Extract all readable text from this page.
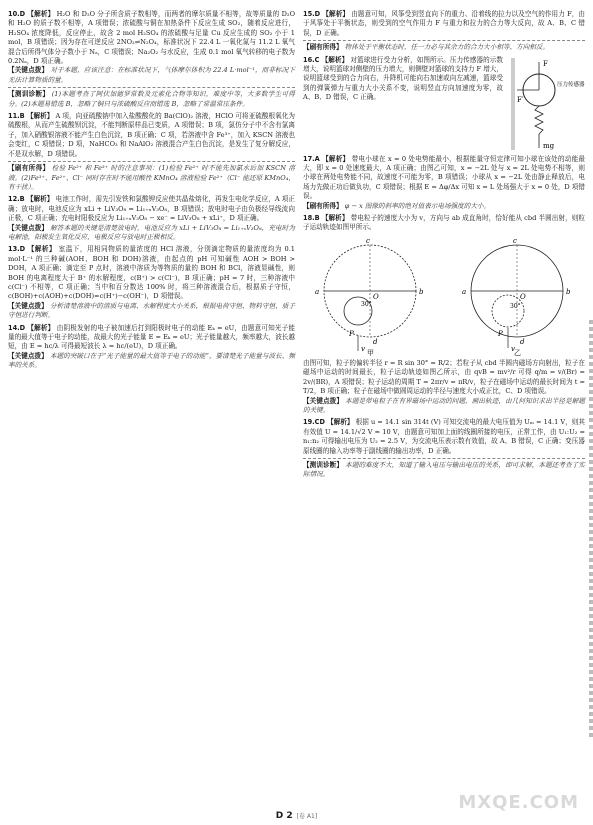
10.D 【解析】 H₂O 和 D₂O 分子所含质子数相等，而两者的摩尔质量不相等，故等质量的 D₂O 和 H₂O 的质子数不相等，A 项错误；浓硫酸与铜在加热条件下反应生成 SO₂，随着反应进行，H₂SO₄ 浓度降低，反应停止，故含 2 mol H₂SO₄ 的浓硫酸与足量 Cu 反应生成的 SO₂ 小于 1 mol，B 项错误；因为存在可逆反应 2NO₂⇌N₂O₄，标准状况下 22.4 L 一氧化氮与 11.2 L 氧气混合后所得气体分子数小于 Nₐ，C 项错误；Na₂O₂ 与水反应，生成 0.1 mol 氧气转移的电子数为 0.2Nₐ，D 项正确。
【关键点拨】 对于本题，应该注意：在标准状况下，气体摩尔体积为 22.4 L·mol⁻¹，而非标况下无法计算物质的量。
【测训诊断】 (1)本题考查了阿伏加德罗常数及元素化合物等知识，难度中等，大多数学生可得分。(2)本题易错选 B，忽略了铜只与浓硫酸反应而错选 B，忽略了常温常压条件。
11.B 【解析】 A 项，向亚硫酸钠中加入盐酸酸化的 Ba(ClO)₂ 溶液，HClO 可将亚硫酸根氧化为硫酸根，从而产生硫酸钡沉淀，不能判断原样品已变质，A 项错误；B 项，氯仿分子中不含有氯离子，加入硝酸银溶液不能产生白色沉淀，B 项正确；C 项，若溶液中含 Fe³⁺，加入 KSCN 溶液也会变红，C 项错误；D 项，NaHCO₃ 和 NaAlO₂ 溶液混合产生白色沉淀，是发生了复分解反应，不是双水解，D 项错误。
【刷有所得】 检验 Fe²⁺ 和 Fe³⁺ 时的注意事项：(1)检验 Fe²⁺ 时不能先加氯水后加 KSCN 溶液。(2)Fe³⁺、Fe²⁺、Cl⁻ 同时存在时不能用酸性 KMnO₄ 溶液检验 Fe²⁺（Cl⁻ 能还原 KMnO₄，有干扰）。
12.B 【解析】 电池工作时，需先引发铁和氯酸钾反应使共晶盐熔化，再发生电化学反应，A 项正确；放电时，电池反应为 xLi + LiV₃O₈ = Li₁₊ₓV₃O₈，B 项错误；放电时电子由负极经导线流向正极，C 项正确；充电时阳极反应为 Li₁₊ₓV₃O₈ − xe⁻ = LiV₃O₈ + xLi⁺，D 项正确。
【关键点拨】 解答本题的关键是清楚放电时，电池反应为 xLi + LiV₃O₈ = Li₁₊ₓV₃O₈，充电时为电解池，阳极发生氧化反应，电极反应与放电时正极相反。
13.D 【解析】 室温下，用相同物质的量浓度的 HCl 溶液，分别滴定物质的量浓度均为 0.1 mol·L⁻¹ 的三种碱(AOH、BOH 和 DOH)溶液，由起点的 pH 可知碱性 AOH > BOH > DOH，A 项正确；滴定至 P 点时，溶液中溶质为等物质的量的 BOH 和 BCl，溶液显碱性，则 BOH 的电离程度大于 B⁺ 的水解程度，c(B⁺) > c(Cl⁻)，B 项正确；pH = 7 时，三种溶液中 c(Cl⁻) 不相等，C 项正确；当中和百分数达 100% 时，将三种溶液混合后，根据质子守恒，c(BOH)+c(AOH)+c(DOH)=c(H⁺)−c(OH⁻)，D 项错误。
【关键点拨】 分析清楚溶液中的溶质与电离、水解程度大小关系，根据电荷守恒、物料守恒、质子守恒进行判断。
14.D 【解析】 由阴极发射的电子被加速后打到阳极时电子的动能 Eₖ = eU，由题意可知光子能量的最大值等于电子的动能，故最大的光子能量 E = Eₖ = eU；光子能量越大，频率越大，波长越短，由 E = hc/λ 可得最短波长 λ = hc/(eU)，D 项正确。
【关键点拨】 本题的突破口在于“光子能量的最大值等于电子的动能”，要清楚光子能量与波长、频率的关系。
15.D 【解析】 由题意可知，风筝受到竖直向下的重力、沿着线的拉力以及空气的作用力 F，由于风筝处于平衡状态，则受到的空气作用力 F 与重力和拉力的合力等大反向，故 A、B、C 错误，D 正确。
【刷有所得】 物体处于平衡状态时，任一力必与其余力的合力大小相等、方向相反。
16.C 【解析】 对篮球进行受力分析，如图所示。压力传感器的示数增大，说明篮球对侧壁的压力增大，则侧壁对篮球的支持力 F 增大，说明篮球受到的合力向右，升降机可能向右加速或向左减速，篮球受到的弹簧弹力与重力大小关系不变，说明竖直方向加速度为零，故 A、B、D 错误，C 正确。
F
压力传感器
F′
mg
17.A 【解析】 带电小球在 x = 0 处电势能最小，根据能量守恒定律可知小球在该处的动能最大，即 x = 0 处速度最大，A 项正确；由图乙可知，x = −2L 处与 x = 2L 处电势不相等，则小球在两处电势能不同，故速度不可能为零，B 项错误；小球从 x = −2L 处由静止释放后，电场力先做正功后做负功，C 项错误；根据 E = Δφ/Δx 可知 x = L 处场强大于 x = 0 处，D 项错误。
【刷有所得】 φ − x 图像的斜率的绝对值表示电场强度的大小。
18.B 【解析】 带电粒子的速度大小为 v，方向与 ab 成直角时，恰好能从 cbd 半圆出射，则粒子运动轨迹如图甲所示。
a	b
c
d
O
P
v
30°
甲
a	b
c
d
O
P
v
30°
乙
由图可知，粒子的偏转半径 r = R sin 30° = R/2；若粒子从 cbd 半圆内磁场方向射出，粒子在磁场中运动的时间最长，粒子运动轨迹如图乙所示，由 qvB = mv²/r 可得 q/m = v/(Br) = 2v/(BR)，A 项错误；粒子运动的周期 T = 2πr/v = πR/v，粒子在磁场中运动的最长时间为 t = T/2，B 项正确；粒子在磁场中做圆周运动的半径与速度大小成正比，C、D 项错误。
【关键点拨】 本题是带电粒子在有界磁场中运动的问题，画出轨迹，由几何知识求出半径是解题的关键。
19.CD 【解析】 根据 u = 14.1 sin 314t (V) 可知交流电的最大电压值为 Uₘ = 14.1 V，则其有效值 U = 14.1/√2 V ≈ 10 V，由题意可知加上面的线圈所接的电压，正常工作，由 U₁:U₂ = n₁:n₂ 可得输出电压为 U₂ = 2.5 V，为交流电压表示数有效值，故 A、B 错误，C 正确；变压器原线圈的输入功率等于副线圈的输出功率，D 正确。
【测训诊断】 本题的难度不大，知道了输入电压与输出电压的关系，即可求解，本题还考查了实际情况。
MXQE.COM
D 2 [卷 A1]
